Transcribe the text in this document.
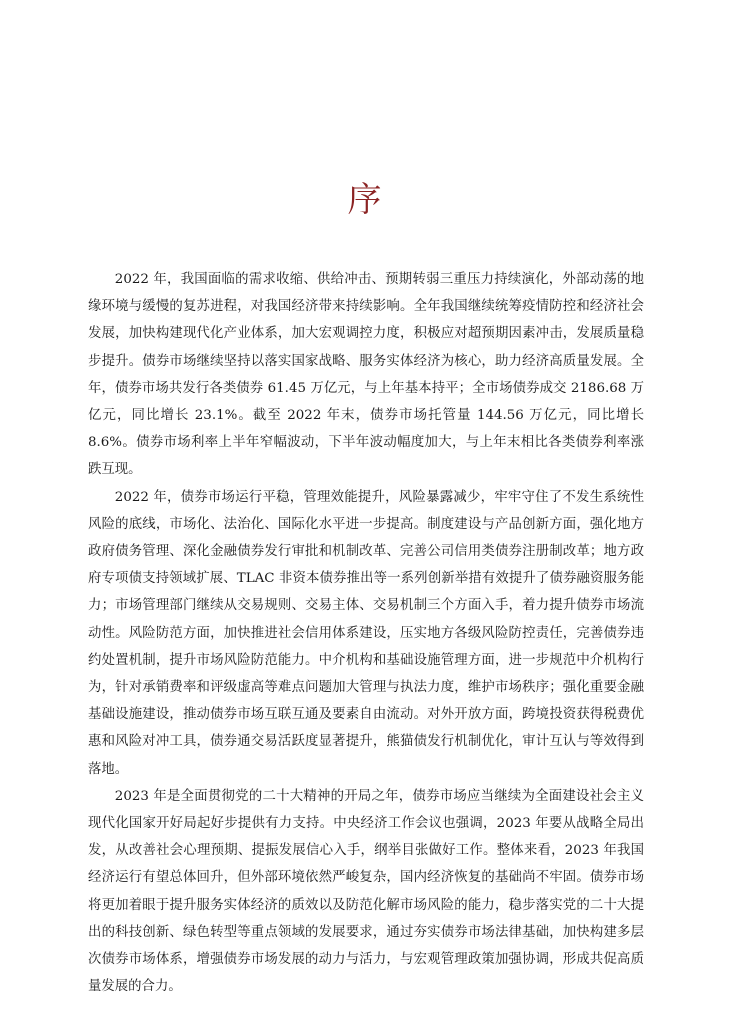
序

2022 年，我国面临的需求收缩、供给冲击、预期转弱三重压力持续演化，外部动荡的地缘环境与缓慢的复苏进程，对我国经济带来持续影响。全年我国继续统筹疫情防控和经济社会发展，加快构建现代化产业体系，加大宏观调控力度，积极应对超预期因素冲击，发展质量稳步提升。债券市场继续坚持以落实国家战略、服务实体经济为核心，助力经济高质量发展。全年，债券市场共发行各类债券 61.45 万亿元，与上年基本持平；全市场债券成交 2186.68 万亿元，同比增长 23.1%。截至 2022 年末，债券市场托管量 144.56 万亿元，同比增长 8.6%。债券市场利率上半年窄幅波动，下半年波动幅度加大，与上年末相比各类债券利率涨跌互现。

2022 年，债券市场运行平稳，管理效能提升，风险暴露减少，牢牢守住了不发生系统性风险的底线，市场化、法治化、国际化水平进一步提高。制度建设与产品创新方面，强化地方政府债务管理、深化金融债券发行审批和机制改革、完善公司信用类债券注册制改革；地方政府专项债支持领域扩展、TLAC 非资本债券推出等一系列创新举措有效提升了债券融资服务能力；市场管理部门继续从交易规则、交易主体、交易机制三个方面入手，着力提升债券市场流动性。风险防范方面，加快推进社会信用体系建设，压实地方各级风险防控责任，完善债券违约处置机制，提升市场风险防范能力。中介机构和基础设施管理方面，进一步规范中介机构行为，针对承销费率和评级虚高等难点问题加大管理与执法力度，维护市场秩序；强化重要金融基础设施建设，推动债券市场互联互通及要素自由流动。对外开放方面，跨境投资获得税费优惠和风险对冲工具，债券通交易活跃度显著提升，熊猫债发行机制优化，审计互认与等效得到落地。

2023 年是全面贯彻党的二十大精神的开局之年，债券市场应当继续为全面建设社会主义现代化国家开好局起好步提供有力支持。中央经济工作会议也强调，2023 年要从战略全局出发，从改善社会心理预期、提振发展信心入手，纲举目张做好工作。整体来看，2023 年我国经济运行有望总体回升，但外部环境依然严峻复杂，国内经济恢复的基础尚不牢固。债券市场将更加着眼于提升服务实体经济的质效以及防范化解市场风险的能力，稳步落实党的二十大提出的科技创新、绿色转型等重点领域的发展要求，通过夯实债券市场法律基础，加快构建多层次债券市场体系，增强债券市场发展的动力与活力，与宏观管理政策加强协调，形成共促高质量发展的合力。
